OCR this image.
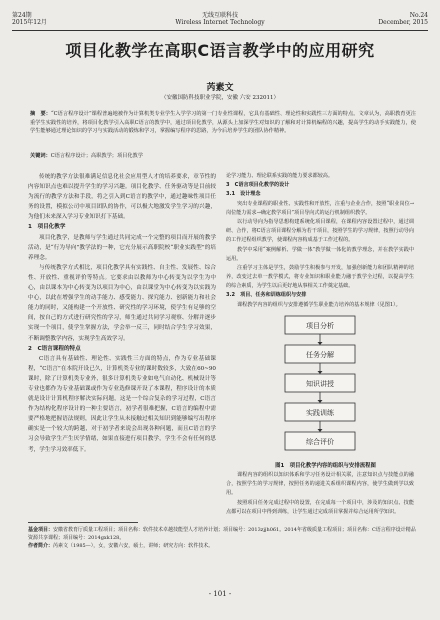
第24期
2015年12月
无线互联科技
Wireless Internet Technology
No.24
December, 2015
项目化教学在高职C语言教学中的应用研究
芮素文
（安徽国防科技职业学院，安徽 六安 232011）
摘　要：“C语言程序设计”课程普遍地被作为计算机类专业学生入学学习的第一门专业性课程，它具有基础性、理论性和实践性三方面的特点。文章认为，高职教育更注重学生实践性的培养，将项目化教学引入高职C语言的教学中，通过项目化教学，从源头上加深学生对知识的了解和对计算机编程的兴趣，提高学生的动手实践能力，使学生能够通过理论知识的学习与实践活动的锻炼和学习，掌握编写程序的思路，为今后培养学生的团队协作精神。
关键词：C语言程序设计；高职教学；项目化教学

传统的教学方法很难满足信息化社会应用型人才的培养要求，章节性的内容知识点也难以提升学生的学习兴趣。项目化教学、任务驱动等是目前较为流行的教学方法和手段，将之引入到C语言的教学中，通过趣味性项目任务的设置，模拟公司中项目团队的协作，可以极大地激发学生学习的兴趣，为他们未来深入学习专业知识打下基础。

1　项目化教学

项目化教学，是教师与学生通过共同完成一个完整的项目而开展的教学活动，是“行为导向”教学法的一种，它充分展示高职院校“职业实践型”的培养理念。

与传统教学方式相比，项目化教学具有实践性、自主性、发展性、综合性、开放性、重视评价等特点。它要求由以教师为中心转变为以学生为中心，由以课本为中心转变为以项目为中心，由以课堂为中心转变为以实践为中心，以此在增强学生的动手能力、感受能力、探究能力、创新能力和社会能力的同时，又能构建一个开放性、研究性的学习环境，使学生有足够的空间，按自己的方式进行研究性的学习，师生通过共同学习观察、分解并逐步实现一个项目，使学生掌握方法，学会举一反三，同时结合学生学习效果，不断调整教学内容，实现学生高效学习。

2　C语言课程的特点

C语言具有基础性、理论性、实践性三方面的特点，作为专业基础课程，“C语言”在本院开设已久，计算机类专业的课时数较多，大致在60~90课时，除了计算机类专业外，很多计算机类专业如电气自动化、机械设计等专业也都作为专业基础课或作为专业选修课开设了本课程，程序设计的本质就是设计计算机程序解决实际问题，这是一个综合复杂的学习过程，C语言作为结构化程序设计的一种主要语言，初学者很难把握，C语言的编程中需要严格地把握语法规则，因此让学生从未接触过相关知识到能够编写出程序确实是一个较大的跨越，对于初学者来说会出现各种问题，而且C语言的学习会导致学生产生厌学情绪，如果直接进行项目教学，学生不会有任何的思考，学生学习效率低下。

论学习能力、理论联系实践的能力要求都较高。

3　C语言项目化教学的设计

3.1　设计理念

突出专业课程的职业性、实践性和开放性，注重与企业合作，按照“职业岗位→岗位能力需求→确定教学项目”项目导向式的运行机制组织教学。

以行动导向为指导思想构建系统化项目课程，在课程内容设置过程中，通过调研、合作，将C语言项目课程分解为若干项目，按照学生的学习规律，按照行动导向的工作过程组织教学，使课程内容构成基于工作过程的。

教学中采用“案例解析、学做一体”教学做一体化的教学理念，并在教学实践中运用。

注重学习主体是学生，鼓励学生积极参与开发，加强创新能力和团队精神的培养，改变过去单一教学模式，将专业知识和职业能力融于教学全过程，以提高学生的综合素质，为学生以后更好地从事相关工作奠定基础。

3.2　项目、任务和训练组织与安排

课程教学内容的组织与安排遵循学生职业能力培养的基本规律（见图1）。

项目分析
任务分解
知识讲授
实践训练
综合评价

图1　项目化教学内容的组织与安排流程图

课程内容的组织以知识体系和学习任务设计相关联，注意知识点与技能点的融合，按照学生的学习规律，按照任务的递进关系组织课程内容，使学生做到学以致用。

按照项目任务完成过程中的设置，在完成每一个项目中，涉及的知识点、技能点都可以在项目中得到训练，让学生通过完成项目掌握并综合运用所学知识。

基金项目：安徽省教育厅质量工程项目；项目名称：软件技术卓越技能型人才培养计划；项目编号：2013zjjh061。2014年省级质量工程项目；项目名称：C语言程序设计精品资源共享课程；项目编号：2014gxk128。
作者简介：芮素文（1985—），女，安徽六安，硕士，讲师；研究方向：软件技术。
- 101 -
